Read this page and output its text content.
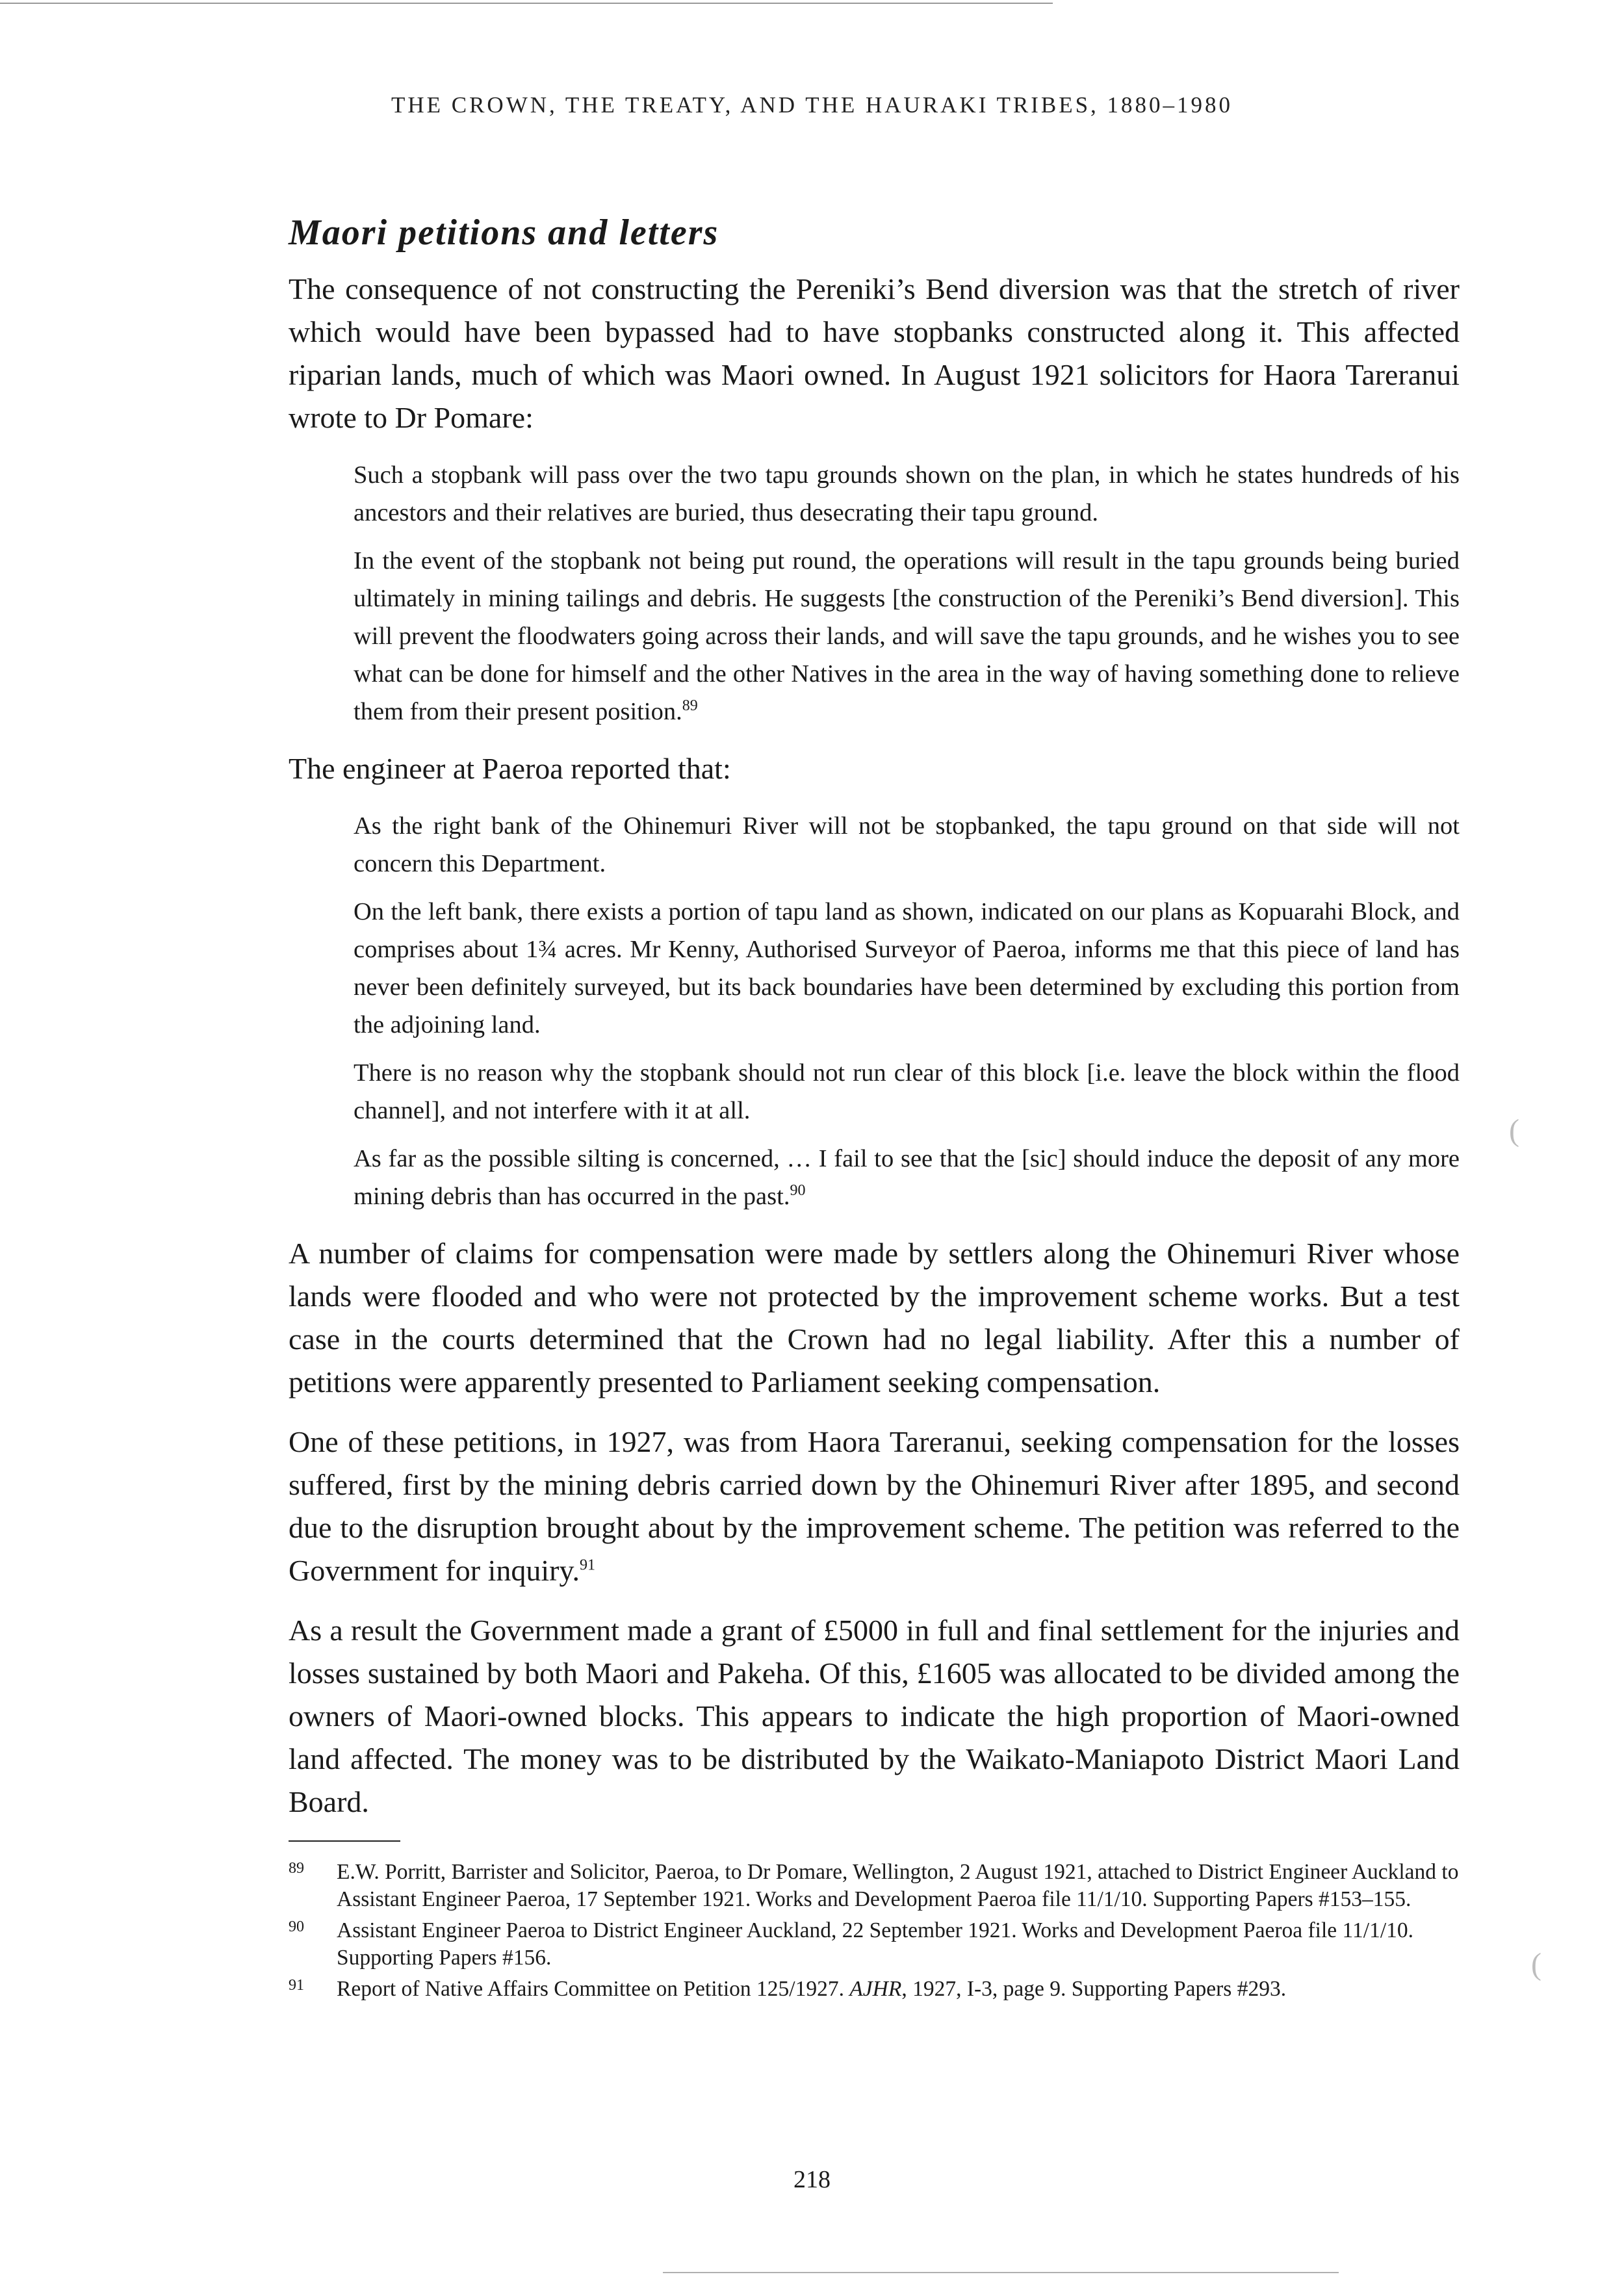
THE CROWN, THE TREATY, AND THE HAURAKI TRIBES, 1880–1980
Maori petitions and letters

The consequence of not constructing the Pereniki’s Bend diversion was that the stretch of river which would have been bypassed had to have stopbanks constructed along it. This affected riparian lands, much of which was Maori owned. In August 1921 solicitors for Haora Tareranui wrote to Dr Pomare:

Such a stopbank will pass over the two tapu grounds shown on the plan, in which he states hundreds of his ancestors and their relatives are buried, thus desecrating their tapu ground.

In the event of the stopbank not being put round, the operations will result in the tapu grounds being buried ultimately in mining tailings and debris. He suggests [the construction of the Pereniki’s Bend diversion]. This will prevent the floodwaters going across their lands, and will save the tapu grounds, and he wishes you to see what can be done for himself and the other Natives in the area in the way of having something done to relieve them from their present position.$^{89}$

The engineer at Paeroa reported that:

As the right bank of the Ohinemuri River will not be stopbanked, the tapu ground on that side will not concern this Department.

On the left bank, there exists a portion of tapu land as shown, indicated on our plans as Kopuarahi Block, and comprises about 1¾ acres. Mr Kenny, Authorised Surveyor of Paeroa, informs me that this piece of land has never been definitely surveyed, but its back boundaries have been determined by excluding this portion from the adjoining land.

There is no reason why the stopbank should not run clear of this block [i.e. leave the block within the flood channel], and not interfere with it at all.

As far as the possible silting is concerned, … I fail to see that the [sic] should induce the deposit of any more mining debris than has occurred in the past.$^{90}$

A number of claims for compensation were made by settlers along the Ohinemuri River whose lands were flooded and who were not protected by the improvement scheme works. But a test case in the courts determined that the Crown had no legal liability. After this a number of petitions were apparently presented to Parliament seeking compensation.

One of these petitions, in 1927, was from Haora Tareranui, seeking compensation for the losses suffered, first by the mining debris carried down by the Ohinemuri River after 1895, and second due to the disruption brought about by the improvement scheme. The petition was referred to the Government for inquiry.$^{91}$

As a result the Government made a grant of £5000 in full and final settlement for the injuries and losses sustained by both Maori and Pakeha. Of this, £1605 was allocated to be divided among the owners of Maori-owned blocks. This appears to indicate the high proportion of Maori-owned land affected. The money was to be distributed by the Waikato-Maniapoto District Maori Land Board.

89	E.W. Porritt, Barrister and Solicitor, Paeroa, to Dr Pomare, Wellington, 2 August 1921, attached to District Engineer Auckland to Assistant Engineer Paeroa, 17 September 1921. Works and Development Paeroa file 11/1/10. Supporting Papers #153–155.
90	Assistant Engineer Paeroa to District Engineer Auckland, 22 September 1921. Works and Development Paeroa file 11/1/10. Supporting Papers #156.
91	Report of Native Affairs Committee on Petition 125/1927. AJHR, 1927, I-3, page 9. Supporting Papers #293.
218
(
(
